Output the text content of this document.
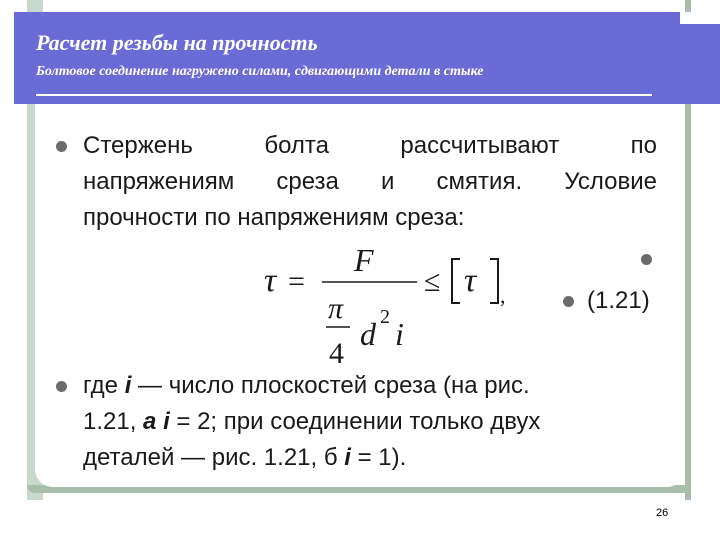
Расчет резьбы на прочность
Болтовое соединение нагружено силами, сдвигающими детали в стыке
Стержень	болта	рассчитывают	по
напряжениям среза и смятия. Условие
прочности по напряжениям среза:
τ =
F
π
4
d 2 i
≤ τ ,	(1.21)
где i — число плоскостей среза (на рис.
1.21, а i = 2; при соединении только двух
деталей — рис. 1.21, б i = 1).
26
